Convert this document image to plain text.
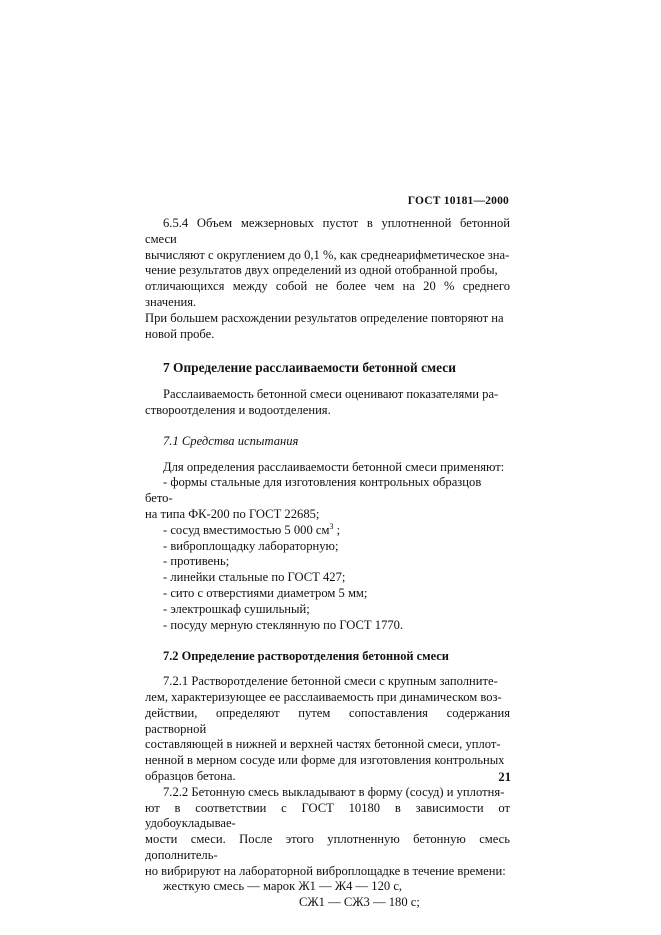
ГОСТ 10181—2000

6.5.4 Объем межзерновых пустот в уплотненной бетонной смеси

вычисляют с округлением до 0,1 %, как среднеарифметическое зна-

чение результатов двух определений из одной отобранной пробы,

отличающихся между собой не более чем на 20 % среднего значения.

При большем расхождении результатов определение повторяют на

новой пробе.

7 Определение расслаиваемости бетонной смеси

Расслаиваемость бетонной смеси оценивают показателями ра-

створоотделения и водоотделения.

7.1 Средства испытания

Для определения расслаиваемости бетонной смеси применяют:

- формы стальные для изготовления контрольных образцов бето-

на типа ФК-200 по ГОСТ 22685;

- сосуд вместимостью 5 000 $см^3$ ;

- виброплощадку лабораторную;

- противень;

- линейки стальные по ГОСТ 427;

- сито с отверстиями диаметром 5 мм;

- электрошкаф сушильный;

- посуду мерную стеклянную по ГОСТ 1770.

7.2 Определение растворотделения бетонной смеси

7.2.1 Растворотделение бетонной смеси с крупным заполните-

лем, характеризующее ее расслаиваемость при динамическом воз-

действии, определяют путем сопоставления содержания растворной

составляющей в нижней и верхней частях бетонной смеси, уплот-

ненной в мерном сосуде или форме для изготовления контрольных

образцов бетона.

7.2.2 Бетонную смесь выкладывают в форму (сосуд) и уплотня-

ют в соответствии с ГОСТ 10180 в зависимости от удобоукладывае-

мости смеси. После этого уплотненную бетонную смесь дополнитель-

но вибрируют на лабораторной виброплощадке в течение времени:

жесткую смесь — марок Ж1 — Ж4 — 120 с,

СЖ1 — СЖ3 — 180 с;

21
